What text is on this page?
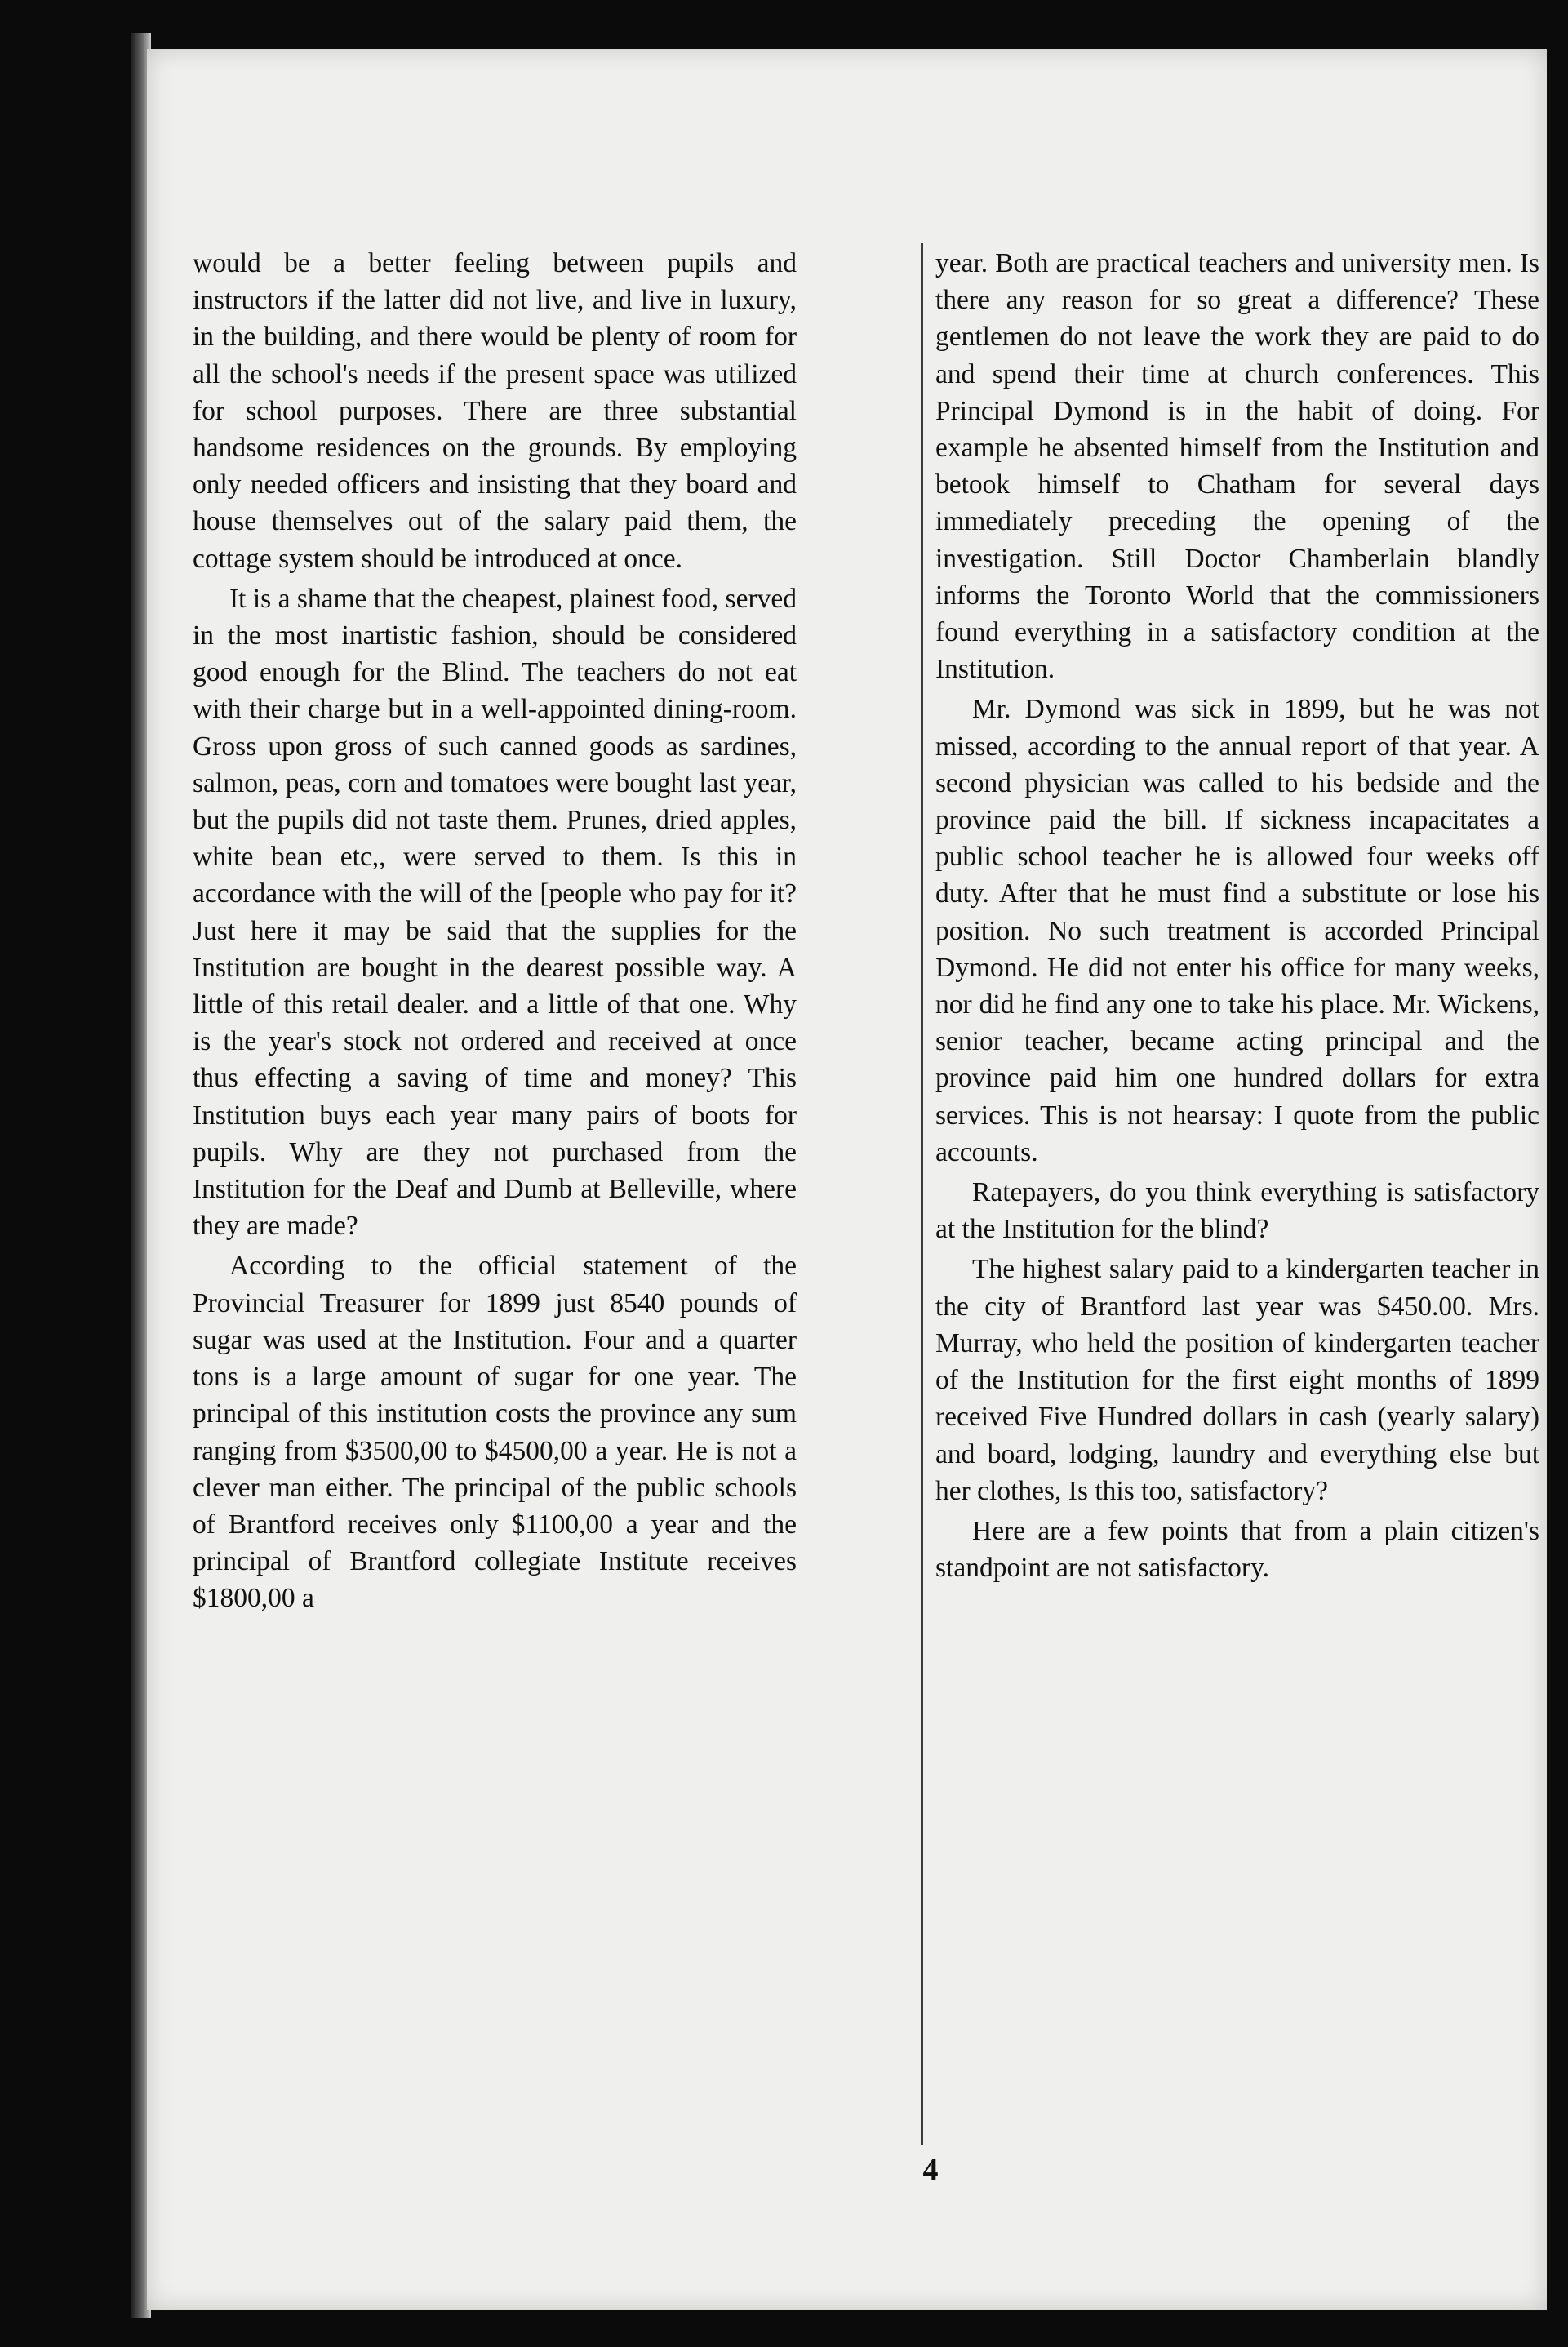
would be a better feeling between pupils and instructors if the latter did not live, and live in luxury, in the building, and there would be plenty of room for all the school's needs if the present space was utilized for school purposes. There are three substantial handsome residences on the grounds. By employing only needed officers and insisting that they board and house themselves out of the salary paid them, the cottage system should be introduced at once.

It is a shame that the cheapest, plainest food, served in the most inartistic fashion, should be considered good enough for the Blind. The teachers do not eat with their charge but in a well-appointed dining-room. Gross upon gross of such canned goods as sardines, salmon, peas, corn and tomatoes were bought last year, but the pupils did not taste them. Prunes, dried apples, white bean etc,, were served to them. Is this in accordance with the will of the [people who pay for it? Just here it may be said that the supplies for the Institution are bought in the dearest possible way. A little of this retail dealer. and a little of that one. Why is the year's stock not ordered and received at once thus effecting a saving of time and money? This Institution buys each year many pairs of boots for pupils. Why are they not purchased from the Institution for the Deaf and Dumb at Belleville, where they are made?

According to the official statement of the Provincial Treasurer for 1899 just 8540 pounds of sugar was used at the Institution. Four and a quarter tons is a large amount of sugar for one year. The principal of this institution costs the province any sum ranging from $3500,00 to $4500,00 a year. He is not a clever man either. The principal of the public schools of Brantford receives only $1100,00 a year and the principal of Brantford collegiate Institute receives $1800,00 a

year. Both are practical teachers and university men. Is there any reason for so great a difference? These gentlemen do not leave the work they are paid to do and spend their time at church conferences. This Principal Dymond is in the habit of doing. For example he absented himself from the Institution and betook himself to Chatham for several days immediately preceding the opening of the investigation. Still Doctor Chamberlain blandly informs the Toronto World that the commissioners found everything in a satisfactory condition at the Institution.

Mr. Dymond was sick in 1899, but he was not missed, according to the annual report of that year. A second physician was called to his bedside and the province paid the bill. If sickness incapacitates a public school teacher he is allowed four weeks off duty. After that he must find a substitute or lose his position. No such treatment is accorded Principal Dymond. He did not enter his office for many weeks, nor did he find any one to take his place. Mr. Wickens, senior teacher, became acting principal and the province paid him one hundred dollars for extra services. This is not hearsay: I quote from the public accounts.

Ratepayers, do you think everything is satisfactory at the Institution for the blind?

The highest salary paid to a kindergarten teacher in the city of Brantford last year was $450.00. Mrs. Murray, who held the position of kindergarten teacher of the Institution for the first eight months of 1899 received Five Hundred dollars in cash (yearly salary) and board, lodging, laundry and everything else but her clothes, Is this too, satisfactory?

Here are a few points that from a plain citizen's standpoint are not satisfactory.

4
